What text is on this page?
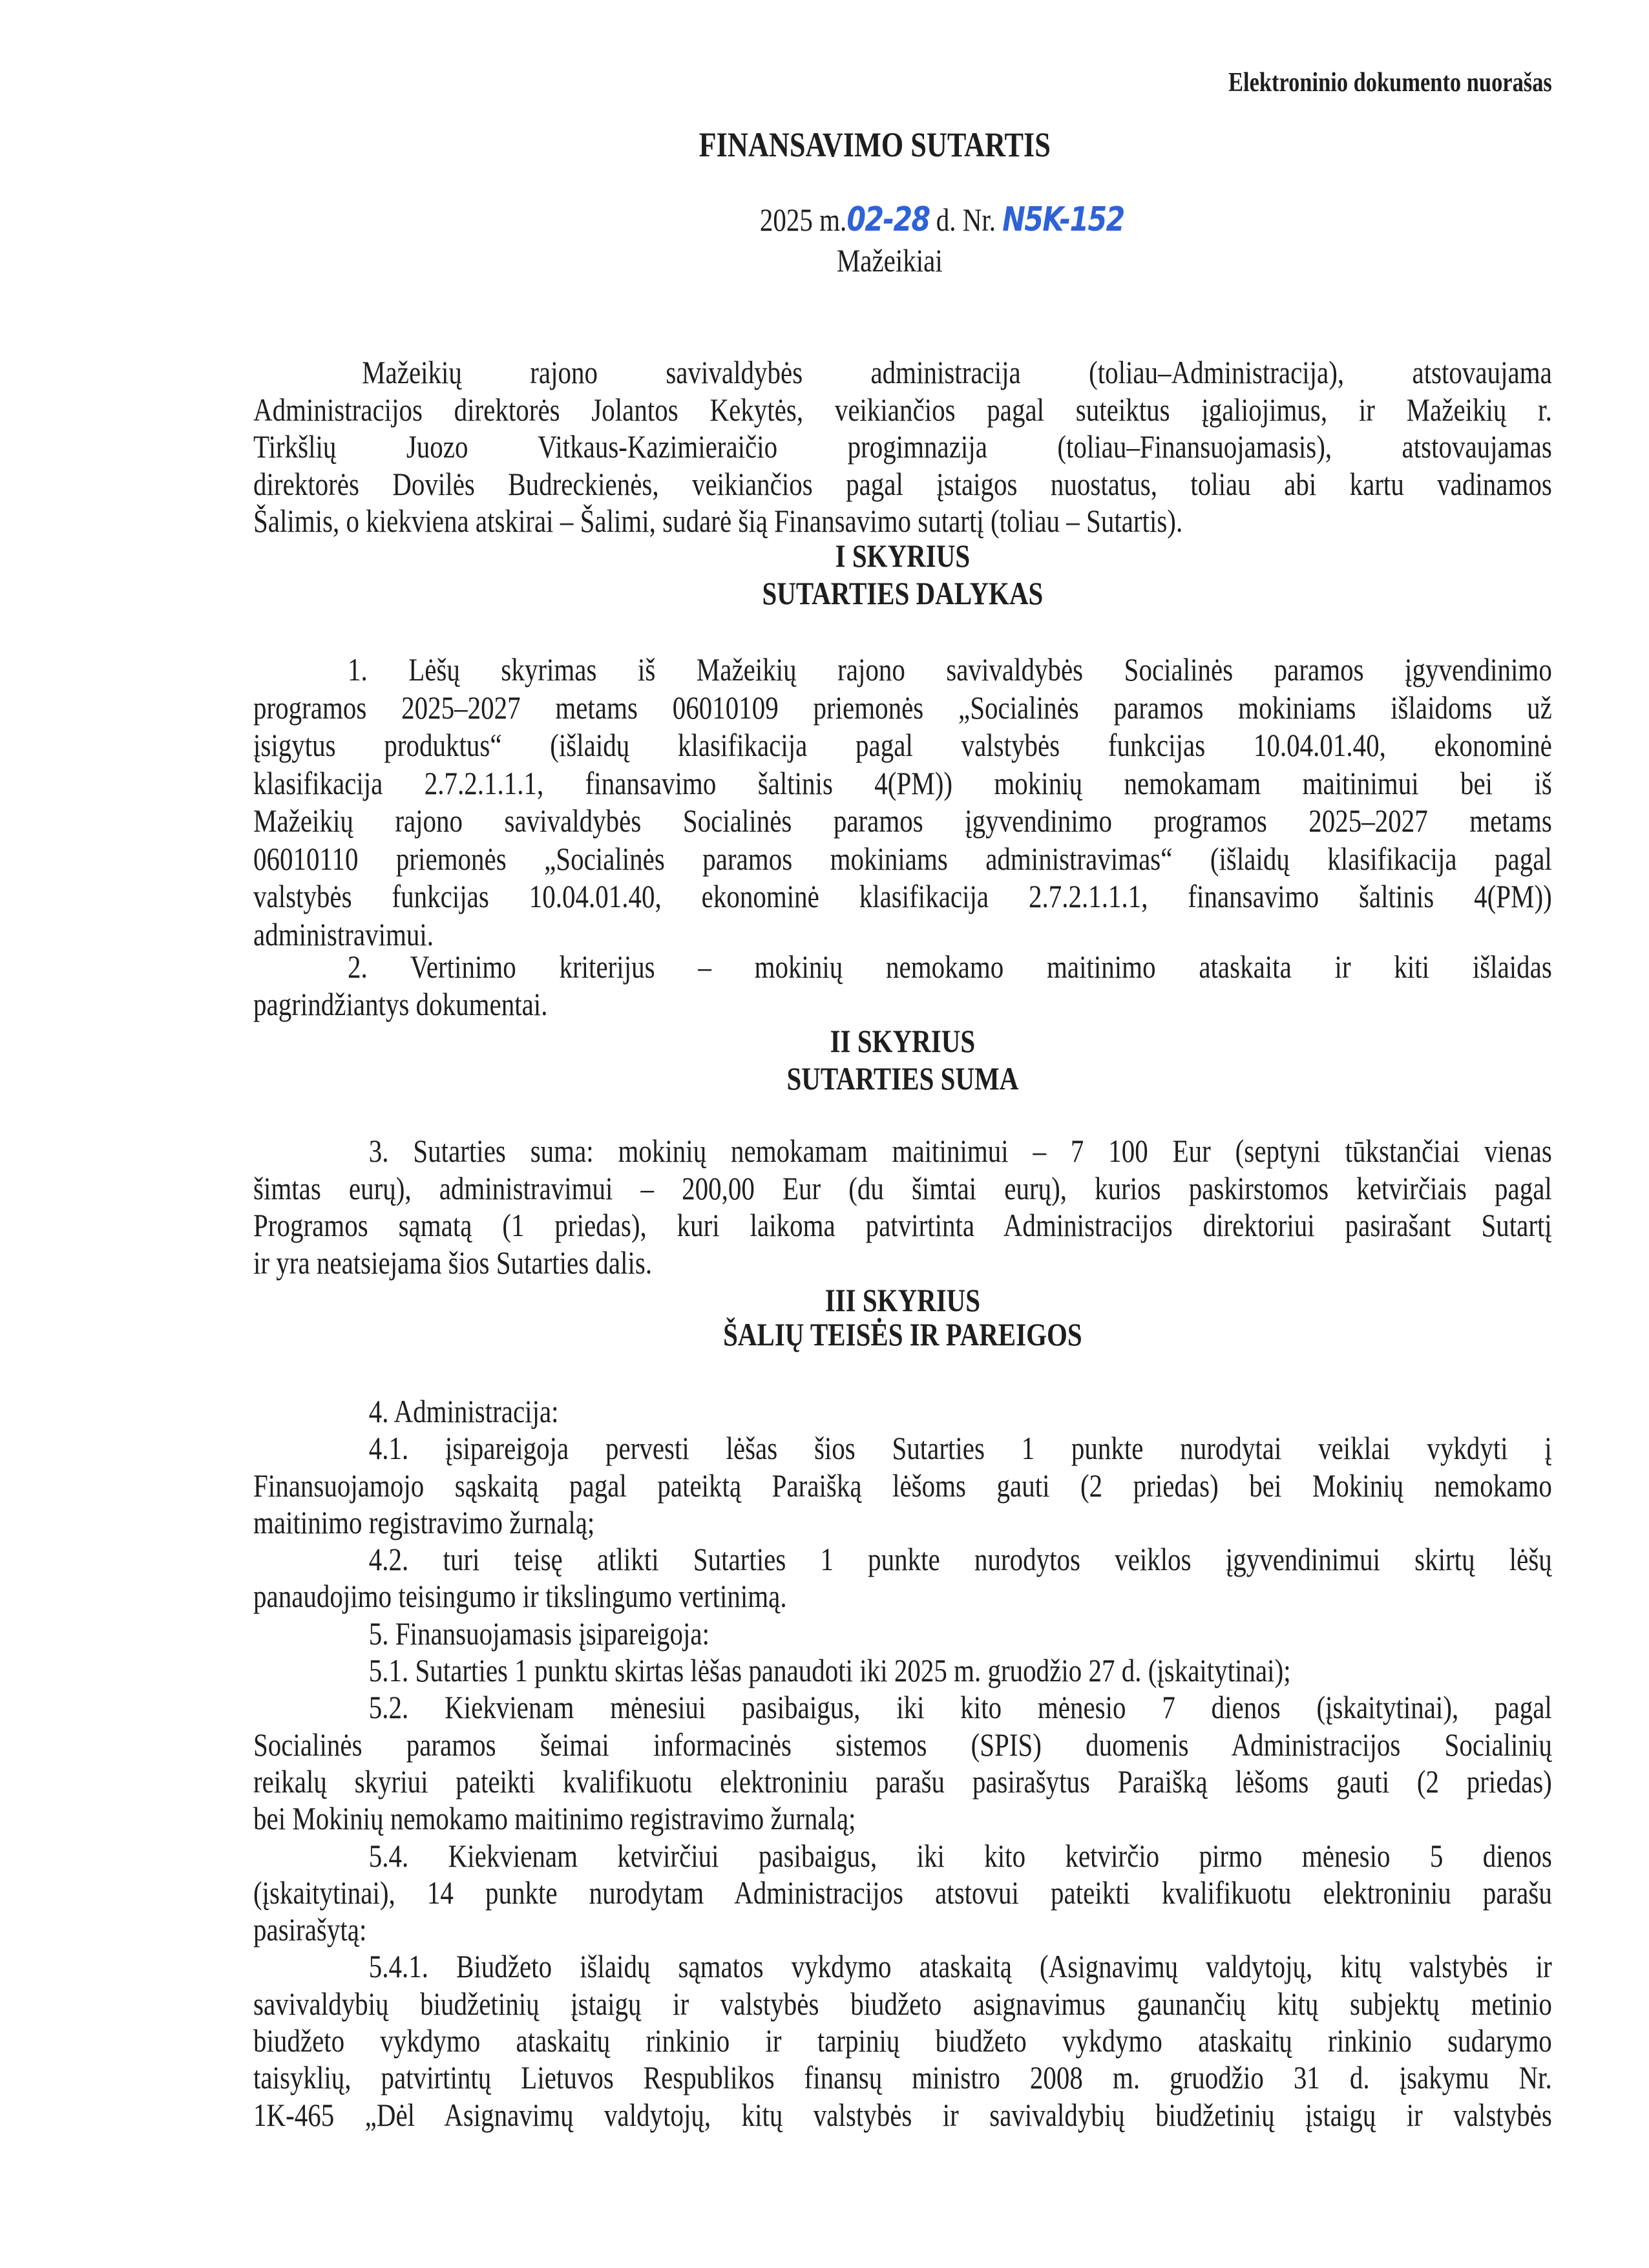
Elektroninio dokumento nuorašas
FINANSAVIMO SUTARTIS
2025 m.02-28 d. Nr. N5K-152
Mažeikiai
Mažeikių rajono savivaldybės administracija (toliau–Administracija), atstovaujama
Administracijos direktorės Jolantos Kekytės, veikiančios pagal suteiktus įgaliojimus, ir Mažeikių r.
Tirkšlių Juozo Vitkaus-Kazimieraičio progimnazija (toliau–Finansuojamasis), atstovaujamas
direktorės Dovilės Budreckienės, veikiančios pagal įstaigos nuostatus, toliau abi kartu vadinamos
Šalimis, o kiekviena atskirai – Šalimi, sudarė šią Finansavimo sutartį (toliau – Sutartis).
I SKYRIUS
SUTARTIES DALYKAS
1. Lėšų skyrimas iš Mažeikių rajono savivaldybės Socialinės paramos įgyvendinimo
programos 2025–2027 metams 06010109 priemonės „Socialinės paramos mokiniams išlaidoms už
įsigytus produktus“ (išlaidų klasifikacija pagal valstybės funkcijas 10.04.01.40, ekonominė
klasifikacija 2.7.2.1.1.1, finansavimo šaltinis 4(PM)) mokinių nemokamam maitinimui bei iš
Mažeikių rajono savivaldybės Socialinės paramos įgyvendinimo programos 2025–2027 metams
06010110 priemonės „Socialinės paramos mokiniams administravimas“ (išlaidų klasifikacija pagal
valstybės funkcijas 10.04.01.40, ekonominė klasifikacija 2.7.2.1.1.1, finansavimo šaltinis 4(PM))
administravimui.
2. Vertinimo kriterijus – mokinių nemokamo maitinimo ataskaita ir kiti išlaidas
pagrindžiantys dokumentai.
II SKYRIUS
SUTARTIES SUMA
3. Sutarties suma: mokinių nemokamam maitinimui – 7 100 Eur (septyni tūkstančiai vienas
šimtas eurų), administravimui – 200,00 Eur (du šimtai eurų), kurios paskirstomos ketvirčiais pagal
Programos sąmatą (1 priedas), kuri laikoma patvirtinta Administracijos direktoriui pasirašant Sutartį
ir yra neatsiejama šios Sutarties dalis.
III SKYRIUS
ŠALIŲ TEISĖS IR PAREIGOS
4. Administracija:
4.1. įsipareigoja pervesti lėšas šios Sutarties 1 punkte nurodytai veiklai vykdyti į
Finansuojamojo sąskaitą pagal pateiktą Paraišką lėšoms gauti (2 priedas) bei Mokinių nemokamo
maitinimo registravimo žurnalą;
4.2. turi teisę atlikti Sutarties 1 punkte nurodytos veiklos įgyvendinimui skirtų lėšų
panaudojimo teisingumo ir tikslingumo vertinimą.
5. Finansuojamasis įsipareigoja:
5.1. Sutarties 1 punktu skirtas lėšas panaudoti iki 2025 m. gruodžio 27 d. (įskaitytinai);
5.2. Kiekvienam mėnesiui pasibaigus, iki kito mėnesio 7 dienos (įskaitytinai), pagal
Socialinės paramos šeimai informacinės sistemos (SPIS) duomenis Administracijos Socialinių
reikalų skyriui pateikti kvalifikuotu elektroniniu parašu pasirašytus Paraišką lėšoms gauti (2 priedas)
bei Mokinių nemokamo maitinimo registravimo žurnalą;
5.4. Kiekvienam ketvirčiui pasibaigus, iki kito ketvirčio pirmo mėnesio 5 dienos
(įskaitytinai), 14 punkte nurodytam Administracijos atstovui pateikti kvalifikuotu elektroniniu parašu
pasirašytą:
5.4.1. Biudžeto išlaidų sąmatos vykdymo ataskaitą (Asignavimų valdytojų, kitų valstybės ir
savivaldybių biudžetinių įstaigų ir valstybės biudžeto asignavimus gaunančių kitų subjektų metinio
biudžeto vykdymo ataskaitų rinkinio ir tarpinių biudžeto vykdymo ataskaitų rinkinio sudarymo
taisyklių, patvirtintų Lietuvos Respublikos finansų ministro 2008 m. gruodžio 31 d. įsakymu Nr.
1K-465 „Dėl Asignavimų valdytojų, kitų valstybės ir savivaldybių biudžetinių įstaigų ir valstybės
